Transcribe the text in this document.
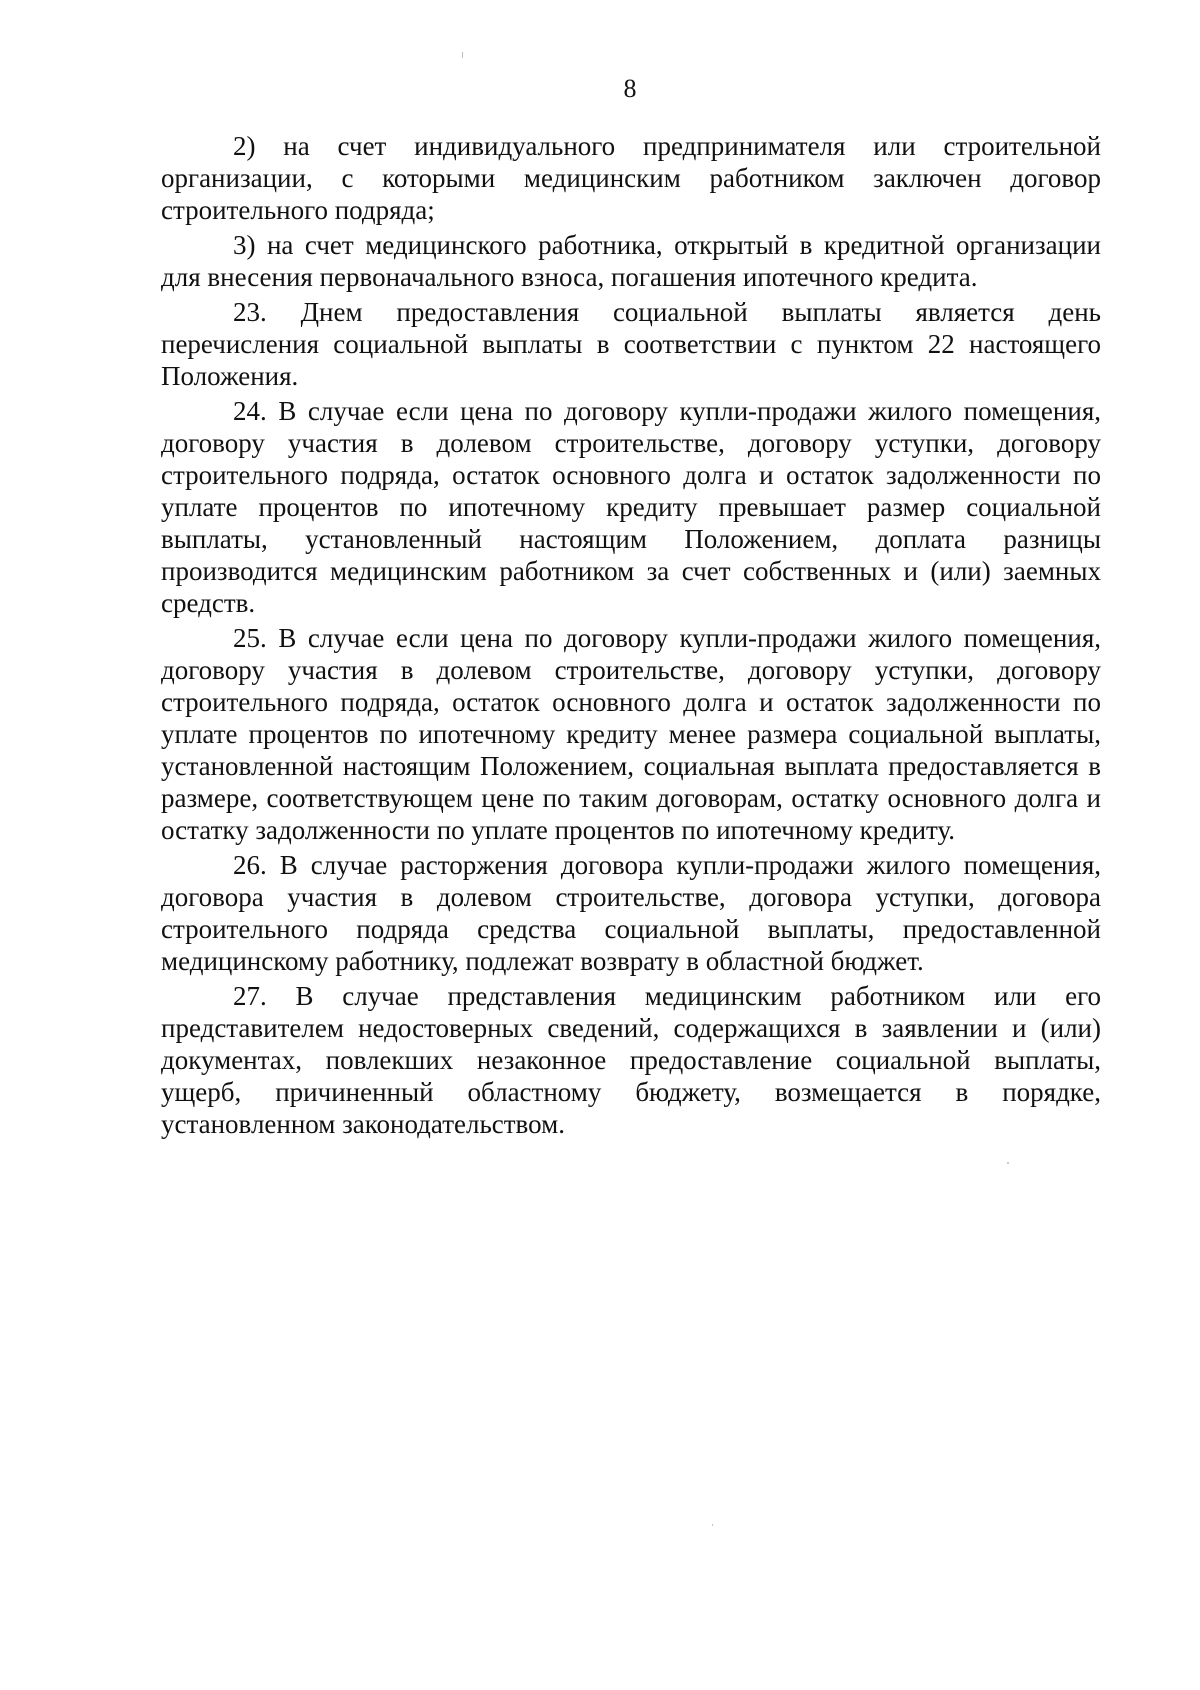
8

2) на счет индивидуального предпринимателя или строительной организации, с которыми медицинским работником заключен договор строительного подряда;

3) на счет медицинского работника, открытый в кредитной организации для внесения первоначального взноса, погашения ипотечного кредита.

23. Днем предоставления социальной выплаты является день перечисления социальной выплаты в соответствии с пунктом 22 настоящего Положения.

24. В случае если цена по договору купли-продажи жилого помещения, договору участия в долевом строительстве, договору уступки, договору строительного подряда, остаток основного долга и остаток задолженности по уплате процентов по ипотечному кредиту превышает размер социальной выплаты, установленный настоящим Положением, доплата разницы производится медицинским работником за счет собственных и (или) заемных средств.

25. В случае если цена по договору купли-продажи жилого помещения, договору участия в долевом строительстве, договору уступки, договору строительного подряда, остаток основного долга и остаток задолженности по уплате процентов по ипотечному кредиту менее размера социальной выплаты, установленной настоящим Положением, социальная выплата предоставляется в размере, соответствующем цене по таким договорам, остатку основного долга и остатку задолженности по уплате процентов по ипотечному кредиту.

26. В случае расторжения договора купли-продажи жилого помещения, договора участия в долевом строительстве, договора уступки, договора строительного подряда средства социальной выплаты, предоставленной медицинскому работнику, подлежат возврату в областной бюджет.

27. В случае представления медицинским работником или его представителем недостоверных сведений, содержащихся в заявлении и (или) документах, повлекших незаконное предоставление социальной выплаты, ущерб, причиненный областному бюджету, возмещается в порядке, установленном законодательством.
